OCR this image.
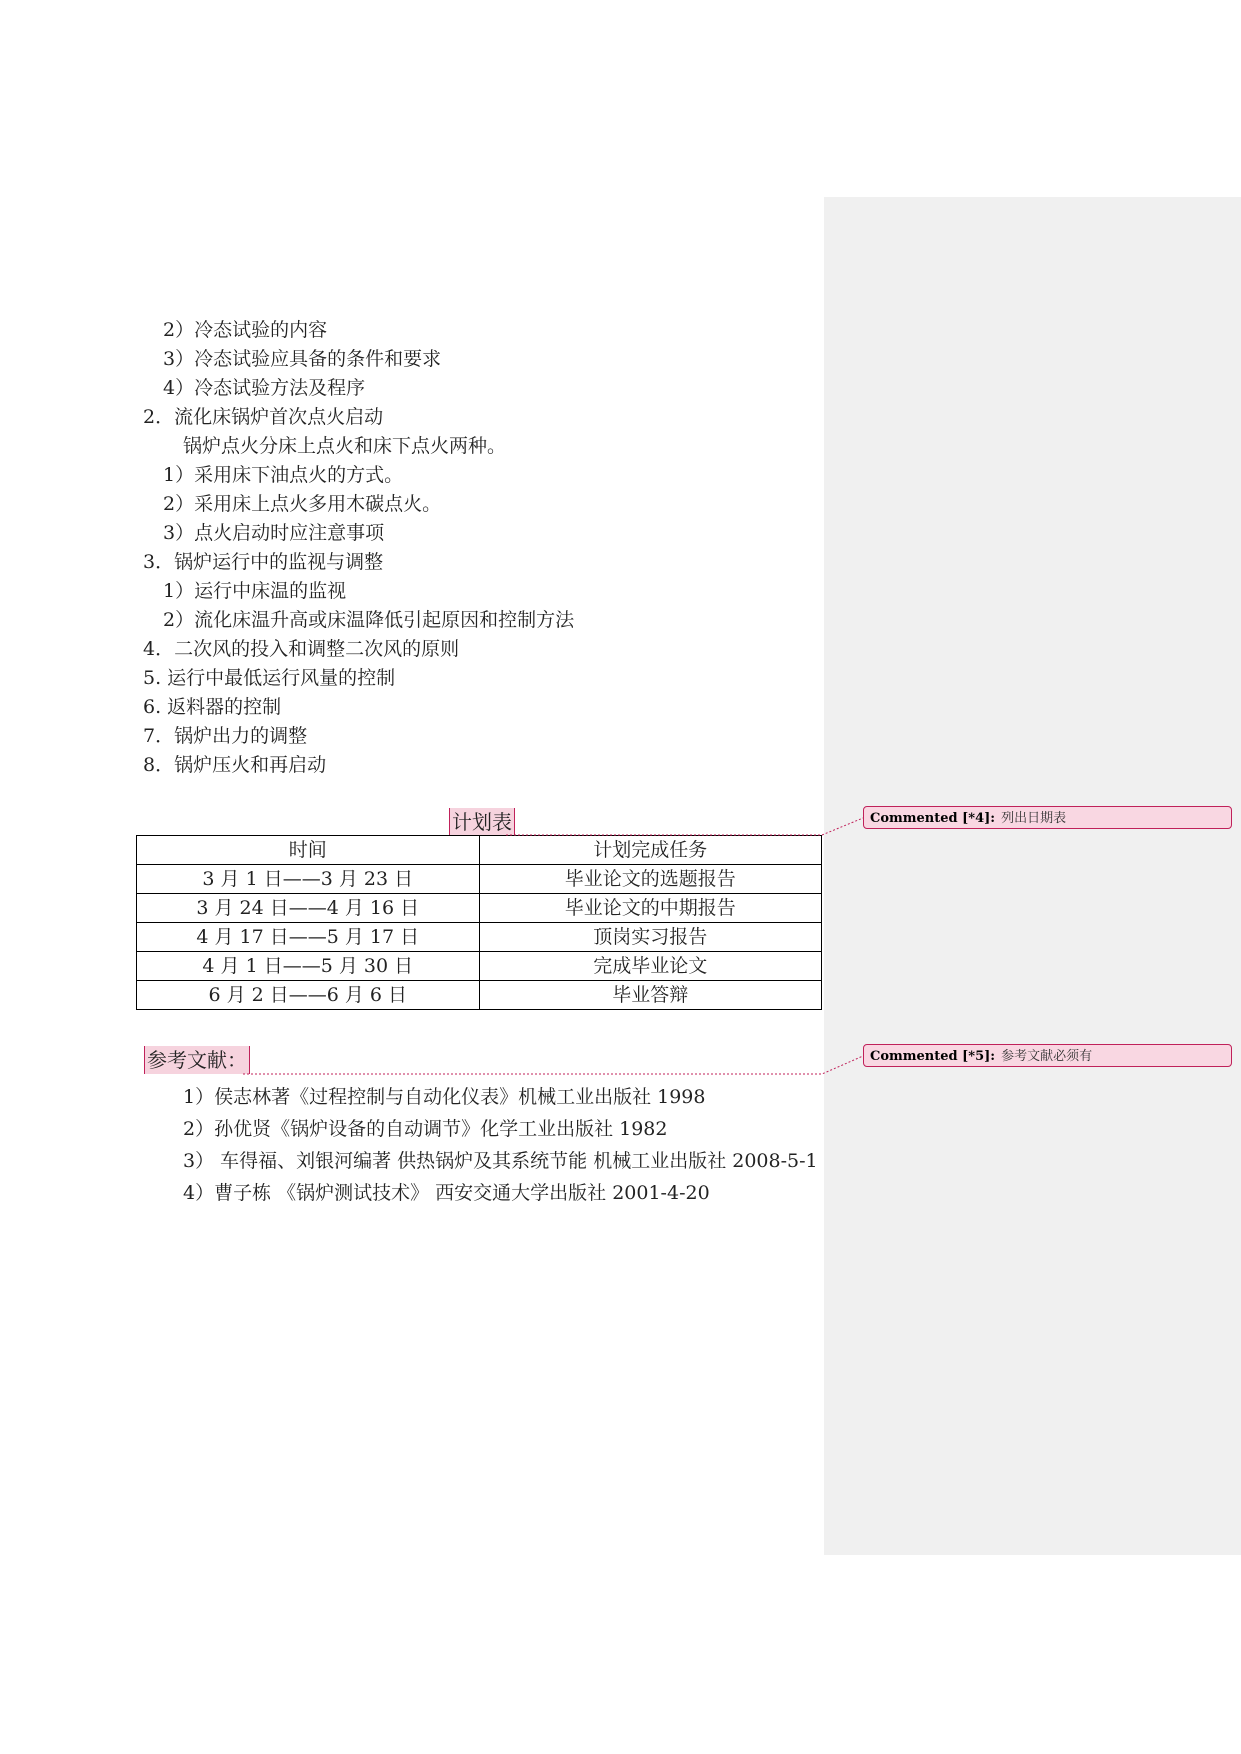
2）冷态试验的内容
3）冷态试验应具备的条件和要求
4）冷态试验方法及程序
2．流化床锅炉首次点火启动
锅炉点火分床上点火和床下点火两种。
1）采用床下油点火的方式。
2）采用床上点火多用木碳点火。
3）点火启动时应注意事项
3．锅炉运行中的监视与调整
1）运行中床温的监视
2）流化床温升高或床温降低引起原因和控制方法
4．二次风的投入和调整二次风的原则
5. 运行中最低运行风量的控制
6. 返料器的控制
7．锅炉出力的调整
8．锅炉压火和再启动
计划表
时间	计划完成任务
3 月 1 日——3 月 23 日	毕业论文的选题报告
3 月 24 日——4 月 16 日	毕业论文的中期报告
4 月 17 日——5 月 17 日	顶岗实习报告
4 月 1 日——5 月 30 日	完成毕业论文
6 月 2 日——6 月 6 日	毕业答辩
参考文献：
1）侯志林著《过程控制与自动化仪表》机械工业出版社 1998
2）孙优贤《锅炉设备的自动调节》化学工业出版社 1982
3） 车得福、刘银河编著 供热锅炉及其系统节能 机械工业出版社 2008-5-1
4）曹子栋 《锅炉测试技术》 西安交通大学出版社 2001-4-20
Commented [*4]: 列出日期表
Commented [*5]: 参考文献必须有
